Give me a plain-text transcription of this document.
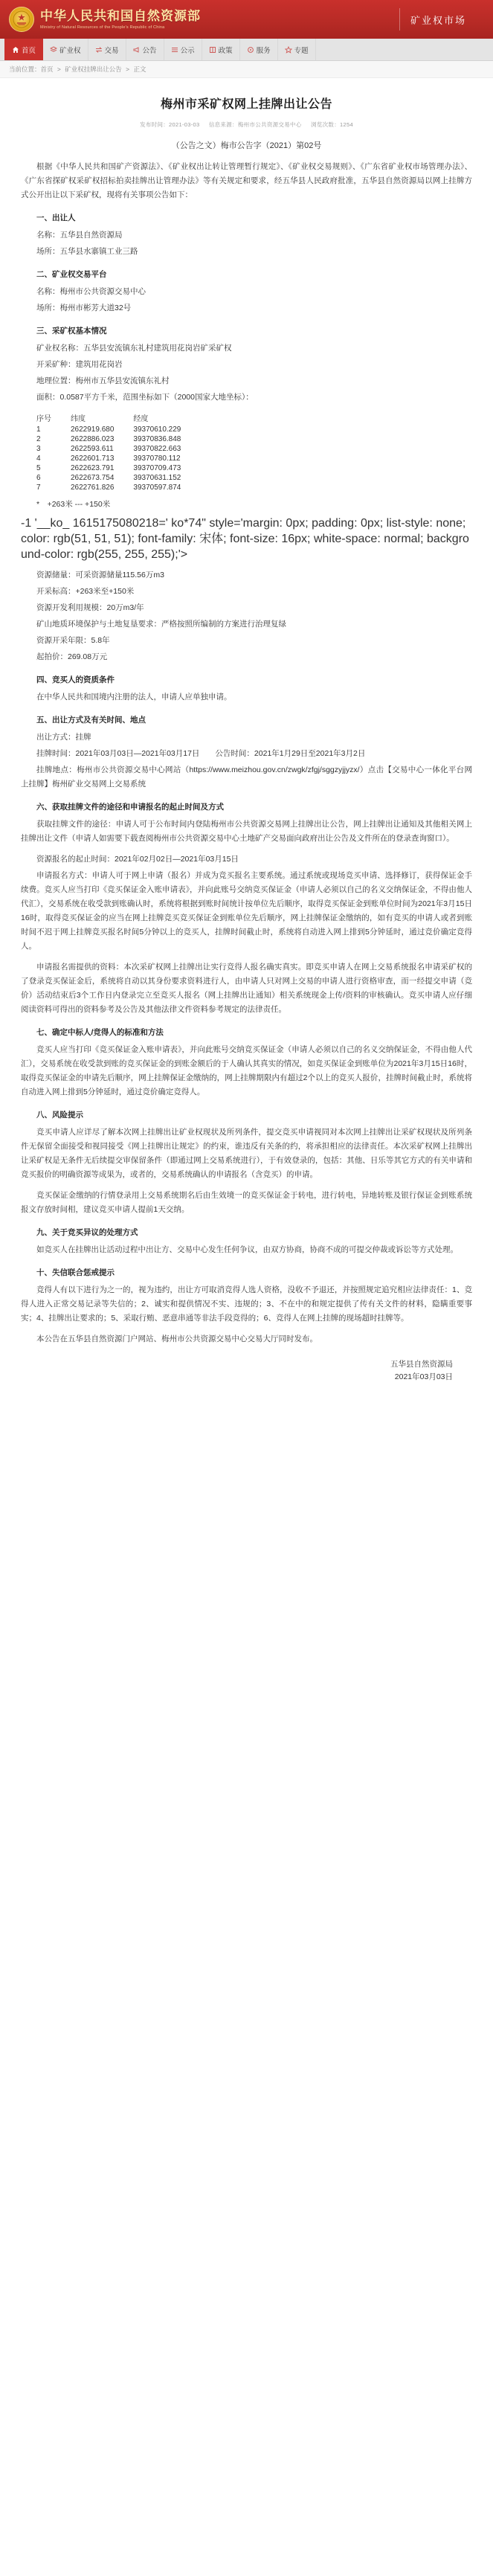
中华人民共和国自然资源部
Ministry of Natural Resources of the People's Republic of China
矿业权市场
首页	矿业权	交易	公告	公示	政策	服务	专题
当前位置：首页 > 矿业权挂牌出让公告 > 正文
梅州市采矿权网上挂牌出让公告
发布时间：2021-03-03 信息来源：梅州市公共资源交易中心 浏览次数：1254
（公告之文）梅市公告字（2021）第02号

根据《中华人民共和国矿产资源法》、《矿业权出让转让管理暂行规定》、《矿业权交易规则》、《广东省矿业权市场管理办法》、《广东省探矿权采矿权招标拍卖挂牌出让管理办法》等有关规定和要求，经五华县人民政府批准，五华县自然资源局以网上挂牌方式公开出让以下采矿权，现将有关事项公告如下：

一、出让人
名称：五华县自然资源局
场所：五华县水寨镇工业三路
二、矿业权交易平台
名称：梅州市公共资源交易中心
场所：梅州市彬芳大道32号
三、采矿权基本情况
矿业权名称：五华县安流镇东礼村建筑用花岗岩矿采矿权
开采矿种：建筑用花岗岩
地理位置：梅州市五华县安流镇东礼村
面积：0.0587平方千米，范围坐标如下（2000国家大地坐标）：
序号	纬度	经度
1	2622919.680	39370610.229
2	2622886.023	39370836.848
3	2622593.611	39370822.663
4	2622601.713	39370780.112
5	2622623.791	39370709.473
6	2622673.754	39370631.152
7	2622761.826	39370597.874
*　+263米 --- +150米
-1 '__ko_ 1615175080218=' ko*74" style='margin: 0px; padding: 0px; list-style: none; color: rgb(51, 51, 51); font-family: 宋体; font-size: 16px; white-space: normal; background-color: rgb(255, 255, 255);'>
资源储量：可采资源储量115.56万m3
开采标高：+263米至+150米
资源开发利用规模：20万m3/年
矿山地质环境保护与土地复垦要求：严格按照所编制的方案进行治理复绿
资源开采年限：5.8年
起拍价：269.08万元
四、竞买人的资质条件
在中华人民共和国境内注册的法人，申请人应单独申请。
五、出让方式及有关时间、地点
出让方式：挂牌
挂牌时间：2021年03月03日—2021年03月17日　　公告时间：2021年1月29日至2021年3月2日

挂牌地点：梅州市公共资源交易中心网站（https://www.meizhou.gov.cn/zwgk/zfgj/sggzyjjyzx/）点击【交易中心一体化平台网上挂牌】梅州矿业交易网上交易系统

六、获取挂牌文件的途径和申请报名的起止时间及方式

获取挂牌文件的途径：申请人可于公布时间内登陆梅州市公共资源交易网上挂牌出让公告，网上挂牌出让通知及其他相关网上挂牌出让文件（申请人如需要下载查阅梅州市公共资源交易中心土地矿产交易面向政府出让公告及文件所在的登录查询窗口）。

资源报名的起止时间：2021年02月02日—2021年03月15日

申请报名方式：申请人可于网上申请（报名）并成为竞买报名主要系统。通过系统或现场竞买申请、选择修订，获得保证金手续费。竞买人应当打印《竞买保证金入账申请表》，并向此账号交纳竞买保证金（申请人必须以自己的名义交纳保证金，不得由他人代汇），交易系统在收受款到账确认时，系统将根据到账时间统计按单位先后顺序，取得竞买保证金到账单位时间为2021年3月15日16时，取得竞买保证金的应当在网上挂牌竞买竞买保证金到账单位先后顺序，网上挂牌保证金缴纳的，如有竞买的申请人或者到账时间不迟于网上挂牌竞买报名时间5分钟以上的竞买人，挂牌时间截止时，系统将自动进入网上排到5分钟延时，通过竞价确定竞得人。

申请报名需提供的资料：本次采矿权网上挂牌出让实行竞得人报名确实真实。即竞买申请人在网上交易系统报名申请采矿权的了登录竞买保证金后，系统将自动以其身份要求资料进行人，由申请人只对网上交易的申请人进行资格审查，而一经提交申请（竞价）活动结束后3个工作日内登录完立至竞买人报名（网上挂牌出让通知）相关系统现金上传/资料的审核确认。竞买申请人应仔细阅读资料可得出的资料参考及公告及其他法律文件资料参考规定的法律责任。

七、确定中标人/竞得人的标准和方法

竞买人应当打印《竞买保证金入账申请表》，并向此账号交纳竞买保证金（申请人必须以自己的名义交纳保证金，不得由他人代汇），交易系统在收受款到账的竞买保证金的到账金额后的于人确认其真实的情况，如竞买保证金到账单位为2021年3月15日16时，取得竞买保证金的申请先后顺序，网上挂牌保证金缴纳的，网上挂牌期限内有超过2个以上的竞买人报价，挂牌时间截止时，系统将自动进入网上排到5分钟延时，通过竞价确定竞得人。

八、风险提示

竞买申请人应详尽了解本次网上挂牌出让矿业权现状及所列条件，提交竞买申请视同对本次网上挂牌出让采矿权现状及所列条件无保留全面接受和视同接受《网上挂牌出让规定》的约束，谁违反有关条的约，将承担相应的法律责任。本次采矿权网上挂牌出让采矿权是无条件无后续提交审保留条件（即通过网上交易系统进行），于有效登录的，包括：其他、日乐等其它方式的有关申请和竞买报价的明确资源等成果为，或者的，交易系统确认的申请报名（含竞买）的申请。

竞买保证金缴纳的行情登录用上交易系统期名后由生效境一的竞买保证金于转电，进行转电，异地转账及银行保证金到账系统报文存放时间相，建议竞买申请人提前1天交纳。

九、关于竞买异议的处理方式

如竞买人在挂牌出让活动过程中出让方、交易中心发生任何争议，由双方协商，协商不成的可提交仲裁或诉讼等方式处理。

十、失信联合惩戒提示

竞得人有以下进行为之一的，视为违约，出让方可取消竞得人选人资格，没收不予退还，并按照规定追究相应法律责任：1、竞得人进入正常交易记录等失信的；2、诚实和提供情况不实、违规的；3、不在中的和规定提供了传有关文件的材料，隐瞒重要事实；4、挂牌出让要求的；5、采取行贿、恶意串通等非法手段竞得的；6、竞得人在网上挂牌的现场超时挂牌等。

本公告在五华县自然资源门户网站、梅州市公共资源交易中心交易大厅同时发布。

五华县自然资源局
2021年03月03日
